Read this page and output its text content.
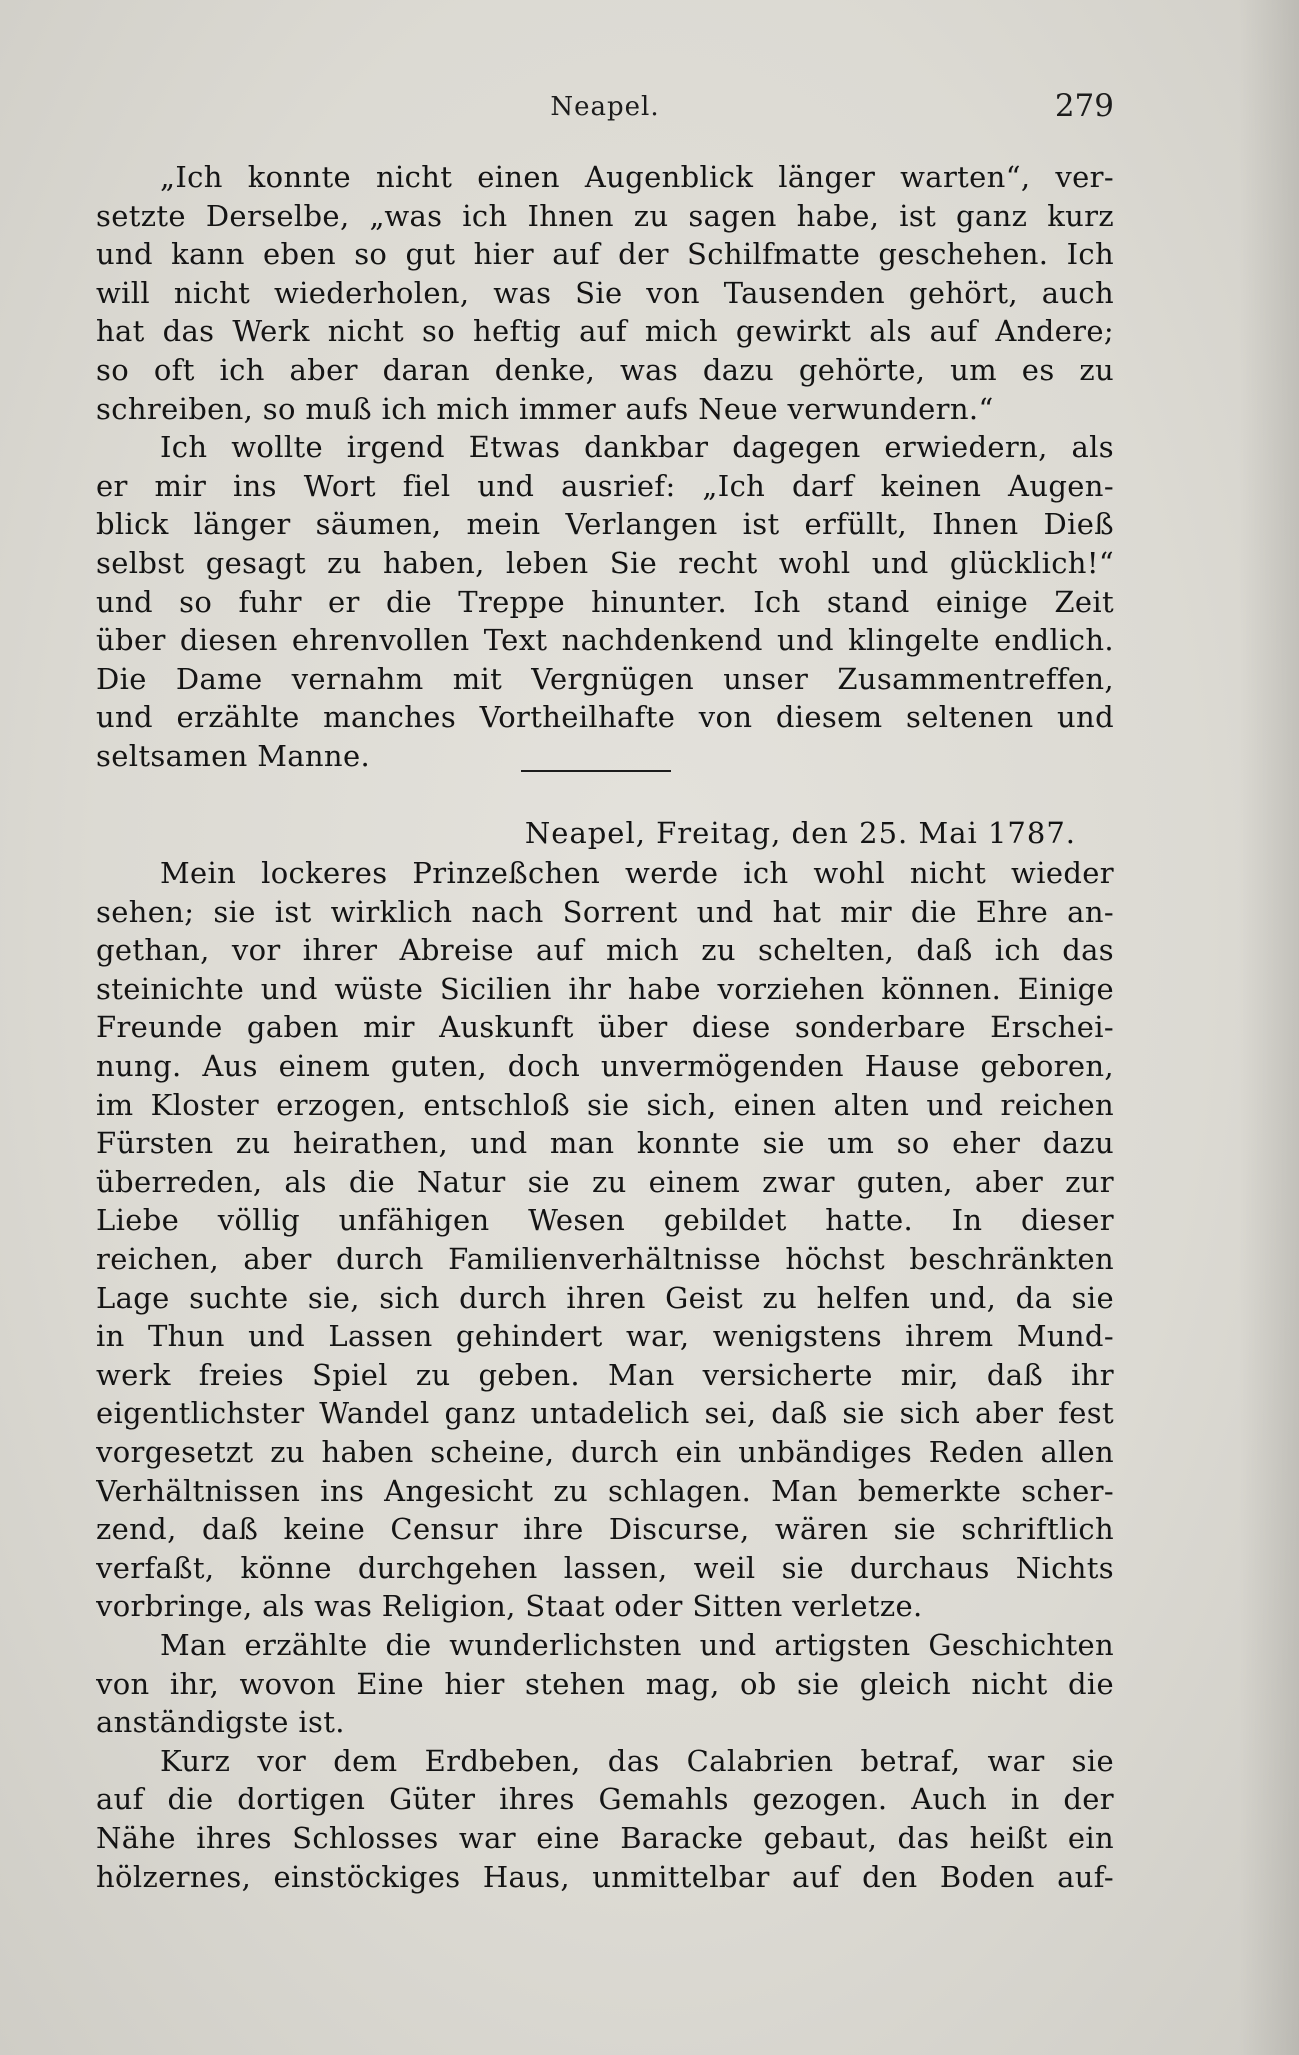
Neapel.	279
„Ich konnte nicht einen Augenblick länger warten“, ver-
setzte Derselbe, „was ich Ihnen zu sagen habe, ist ganz kurz
und kann eben so gut hier auf der Schilfmatte geschehen. Ich
will nicht wiederholen, was Sie von Tausenden gehört, auch
hat das Werk nicht so heftig auf mich gewirkt als auf Andere;
so oft ich aber daran denke, was dazu gehörte, um es zu
schreiben, so muß ich mich immer aufs Neue verwundern.“
Ich wollte irgend Etwas dankbar dagegen erwiedern, als
er mir ins Wort fiel und ausrief: „Ich darf keinen Augen-
blick länger säumen, mein Verlangen ist erfüllt, Ihnen Dieß
selbst gesagt zu haben, leben Sie recht wohl und glücklich!“
und so fuhr er die Treppe hinunter. Ich stand einige Zeit
über diesen ehrenvollen Text nachdenkend und klingelte endlich.
Die Dame vernahm mit Vergnügen unser Zusammentreffen,
und erzählte manches Vortheilhafte von diesem seltenen und
seltsamen Manne.
Neapel, Freitag, den 25. Mai 1787.
Mein lockeres Prinzeßchen werde ich wohl nicht wieder
sehen; sie ist wirklich nach Sorrent und hat mir die Ehre an-
gethan, vor ihrer Abreise auf mich zu schelten, daß ich das
steinichte und wüste Sicilien ihr habe vorziehen können. Einige
Freunde gaben mir Auskunft über diese sonderbare Erschei-
nung. Aus einem guten, doch unvermögenden Hause geboren,
im Kloster erzogen, entschloß sie sich, einen alten und reichen
Fürsten zu heirathen, und man konnte sie um so eher dazu
überreden, als die Natur sie zu einem zwar guten, aber zur
Liebe völlig unfähigen Wesen gebildet hatte. In dieser
reichen, aber durch Familienverhältnisse höchst beschränkten
Lage suchte sie, sich durch ihren Geist zu helfen und, da sie
in Thun und Lassen gehindert war, wenigstens ihrem Mund-
werk freies Spiel zu geben. Man versicherte mir, daß ihr
eigentlichster Wandel ganz untadelich sei, daß sie sich aber fest
vorgesetzt zu haben scheine, durch ein unbändiges Reden allen
Verhältnissen ins Angesicht zu schlagen. Man bemerkte scher-
zend, daß keine Censur ihre Discurse, wären sie schriftlich
verfaßt, könne durchgehen lassen, weil sie durchaus Nichts
vorbringe, als was Religion, Staat oder Sitten verletze.
Man erzählte die wunderlichsten und artigsten Geschichten
von ihr, wovon Eine hier stehen mag, ob sie gleich nicht die
anständigste ist.
Kurz vor dem Erdbeben, das Calabrien betraf, war sie
auf die dortigen Güter ihres Gemahls gezogen. Auch in der
Nähe ihres Schlosses war eine Baracke gebaut, das heißt ein
hölzernes, einstöckiges Haus, unmittelbar auf den Boden auf-
